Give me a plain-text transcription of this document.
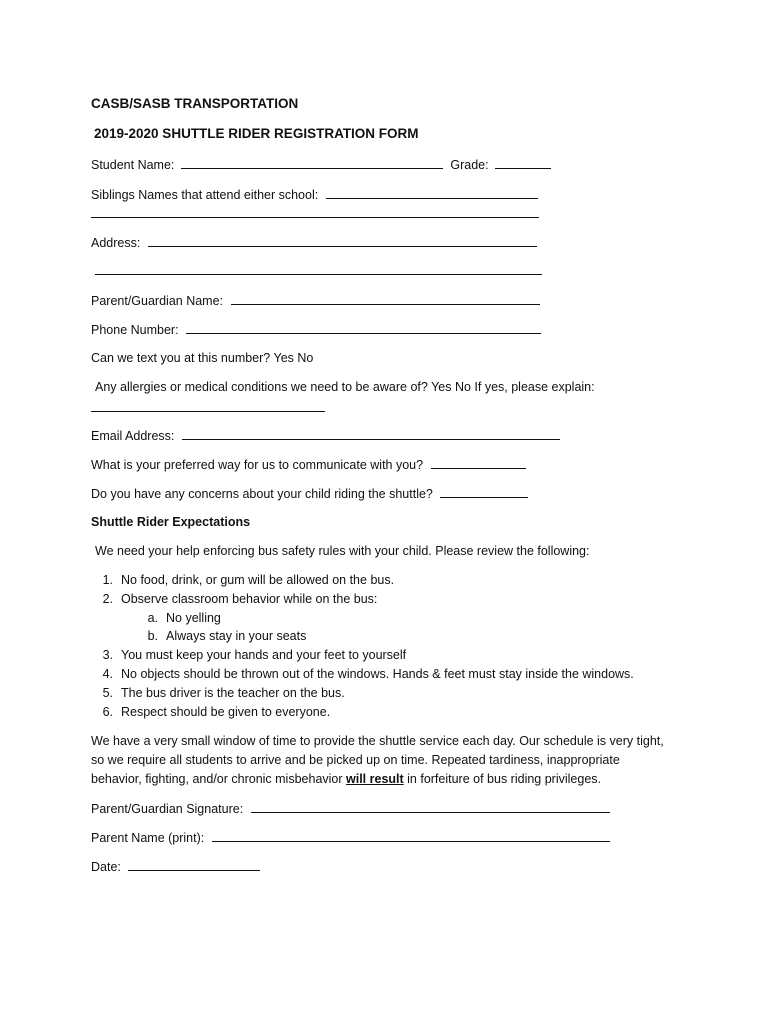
CASB/SASB TRANSPORTATION
2019-2020 SHUTTLE RIDER REGISTRATION FORM
Student Name:	Grade:
Siblings Names that attend either school:
Address:
Parent/Guardian Name:
Phone Number:
Can we text you at this number? Yes No
Any allergies or medical conditions we need to be aware of? Yes No If yes, please explain:
Email Address:
What is your preferred way for us to communicate with you?
Do you have any concerns about your child riding the shuttle?
Shuttle Rider Expectations
We need your help enforcing bus safety rules with your child. Please review the following:
1. No food, drink, or gum will be allowed on the bus.
2. Observe classroom behavior while on the bus:
a. No yelling
b. Always stay in your seats
3. You must keep your hands and your feet to yourself
4. No objects should be thrown out of the windows. Hands & feet must stay inside the windows.
5. The bus driver is the teacher on the bus.
6. Respect should be given to everyone.
We have a very small window of time to provide the shuttle service each day. Our schedule is very tight,
so we require all students to arrive and be picked up on time. Repeated tardiness, inappropriate
behavior, fighting, and/or chronic misbehavior will result in forfeiture of bus riding privileges.
Parent/Guardian Signature:
Parent Name (print):
Date:
